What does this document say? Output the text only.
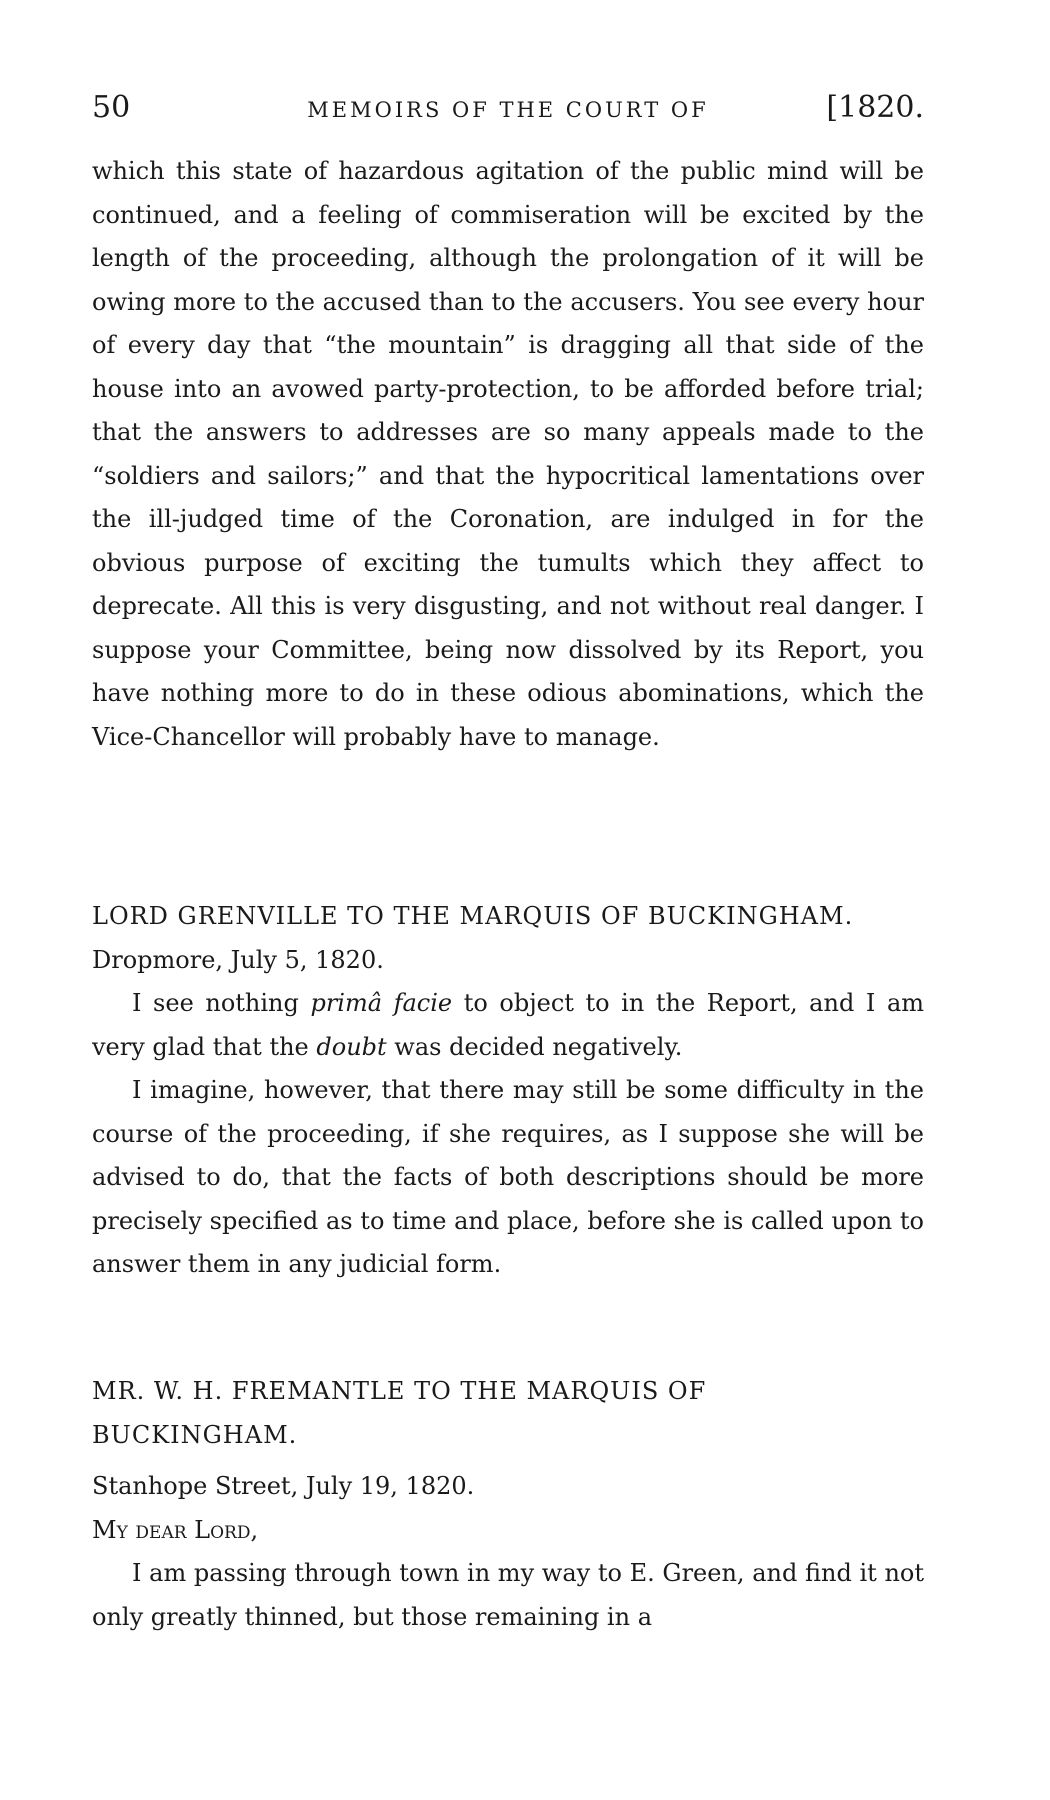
50	MEMOIRS OF THE COURT OF	[1820.

which this state of hazardous agitation of the public mind will be continued, and a feeling of commiseration will be excited by the length of the proceeding, although the prolongation of it will be owing more to the accused than to the accusers. You see every hour of every day that “the mountain” is dragging all that side of the house into an avowed party-protection, to be afforded before trial; that the answers to addresses are so many appeals made to the “soldiers and sailors;” and that the hypocritical lamentations over the ill-judged time of the Coronation, are indulged in for the obvious purpose of exciting the tumults which they affect to deprecate. All this is very disgusting, and not without real danger. I suppose your Committee, being now dissolved by its Report, you have nothing more to do in these odious abominations, which the Vice-Chancellor will probably have to manage.

LORD GRENVILLE TO THE MARQUIS OF BUCKINGHAM.

Dropmore, July 5, 1820.

I see nothing primâ facie to object to in the Report, and I am very glad that the doubt was decided negatively.

I imagine, however, that there may still be some difficulty in the course of the proceeding, if she requires, as I suppose she will be advised to do, that the facts of both descriptions should be more precisely specified as to time and place, before she is called upon to answer them in any judicial form.

MR. W. H. FREMANTLE TO THE MARQUIS OF

BUCKINGHAM.

Stanhope Street, July 19, 1820.

My dear Lord,

I am passing through town in my way to E. Green, and find it not only greatly thinned, but those remaining in a
